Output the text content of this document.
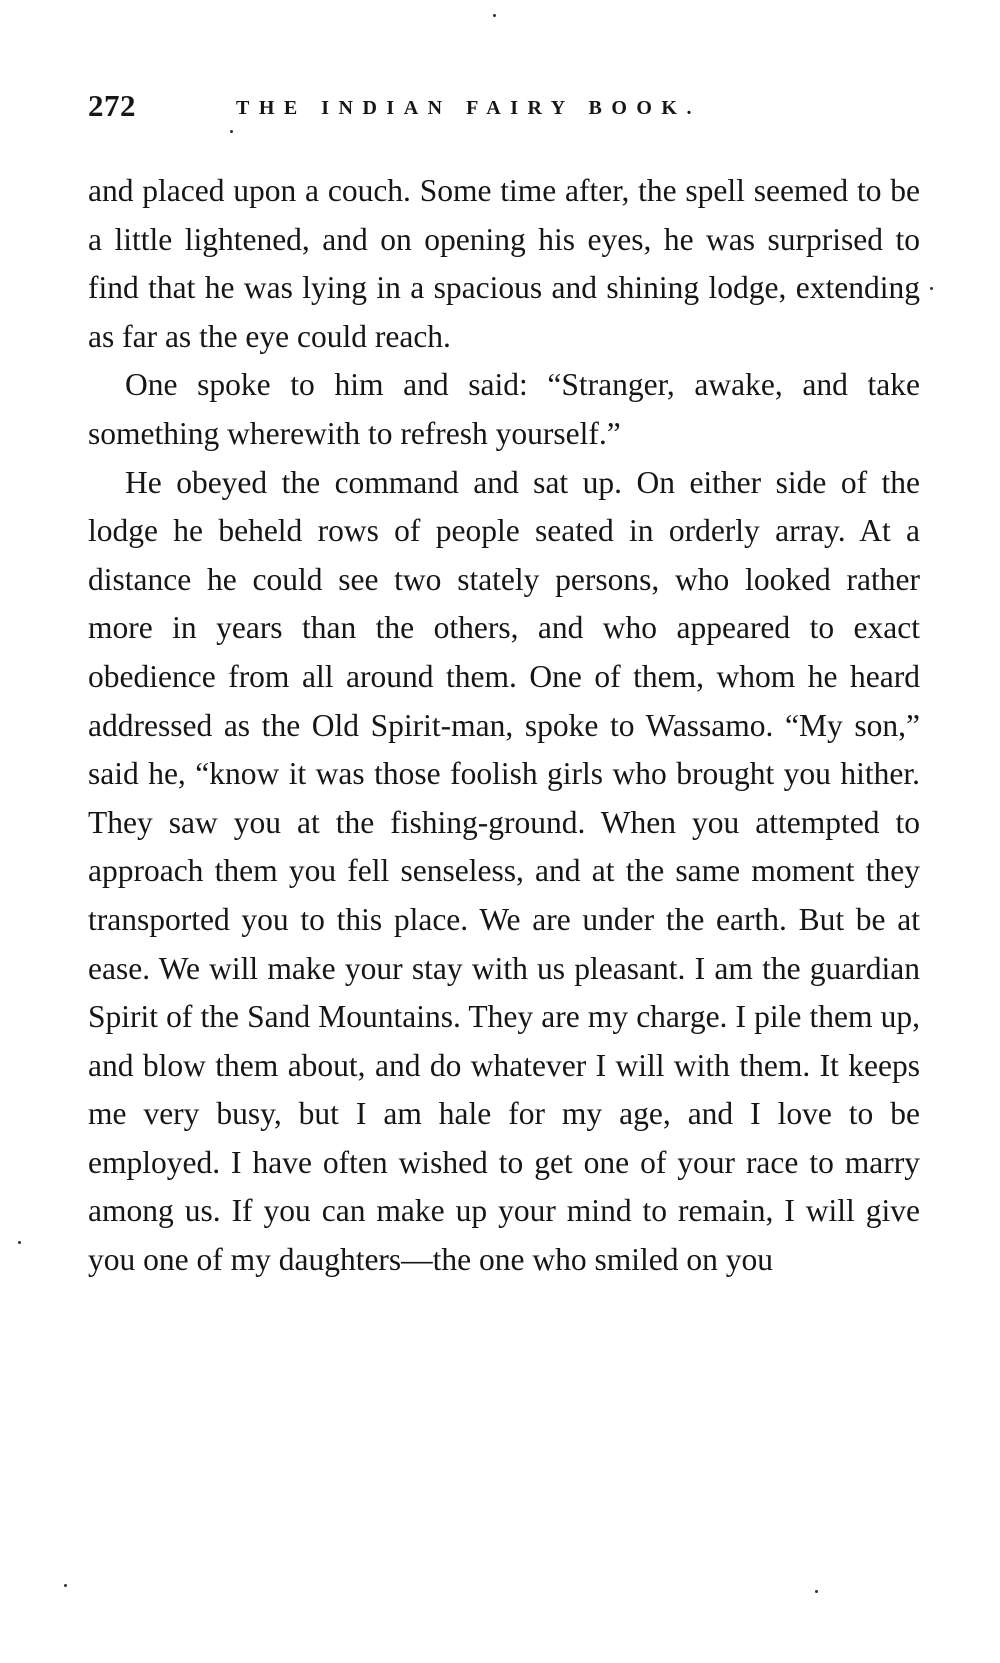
272	THE INDIAN FAIRY BOOK.

and placed upon a couch. Some time after, the spell seemed to be a little lightened, and on opening his eyes, he was surprised to find that he was lying in a spacious and shining lodge, extending as far as the eye could reach.

One spoke to him and said: “Stranger, awake, and take something wherewith to refresh yourself.”

He obeyed the command and sat up. On either side of the lodge he beheld rows of people seated in orderly array. At a distance he could see two stately persons, who looked rather more in years than the others, and who appeared to exact obedience from all around them. One of them, whom he heard addressed as the Old Spirit-man, spoke to Wassamo. “My son,” said he, “know it was those foolish girls who brought you hither. They saw you at the fishing-ground. When you attempted to approach them you fell senseless, and at the same moment they transported you to this place. We are under the earth. But be at ease. We will make your stay with us pleasant. I am the guardian Spirit of the Sand Mountains. They are my charge. I pile them up, and blow them about, and do whatever I will with them. It keeps me very busy, but I am hale for my age, and I love to be employed. I have often wished to get one of your race to marry among us. If you can make up your mind to remain, I will give you one of my daughters—the one who smiled on you
